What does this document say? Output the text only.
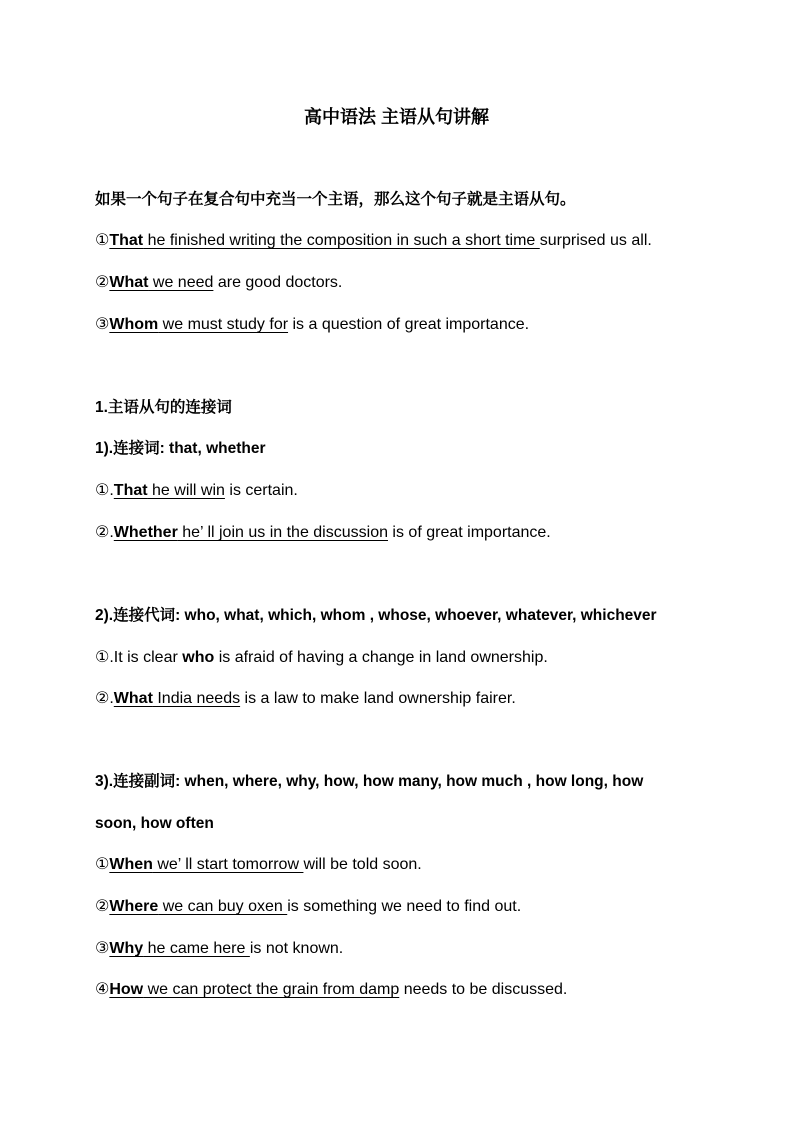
高中语法 主语从句讲解
如果一个句子在复合句中充当一个主语，那么这个句子就是主语从句。
①That he finished writing the composition in such a short time surprised us all.
②What we need are good doctors.
③Whom we must study for is a question of great importance.
1.主语从句的连接词
1).连接词: that, whether
①.That he will win is certain.
②.Whether he’ ll join us in the discussion is of great importance.
2).连接代词: who, what, which, whom , whose, whoever, whatever, whichever
①.It is clear who is afraid of having a change in land ownership.
②.What India needs is a law to make land ownership fairer.
3).连接副词: when, where, why, how, how many, how much , how long, how
soon, how often
①When we’ ll start tomorrow will be told soon.
②Where we can buy oxen is something we need to find out.
③Why he came here is not known.
④How we can protect the grain from damp needs to be discussed.
